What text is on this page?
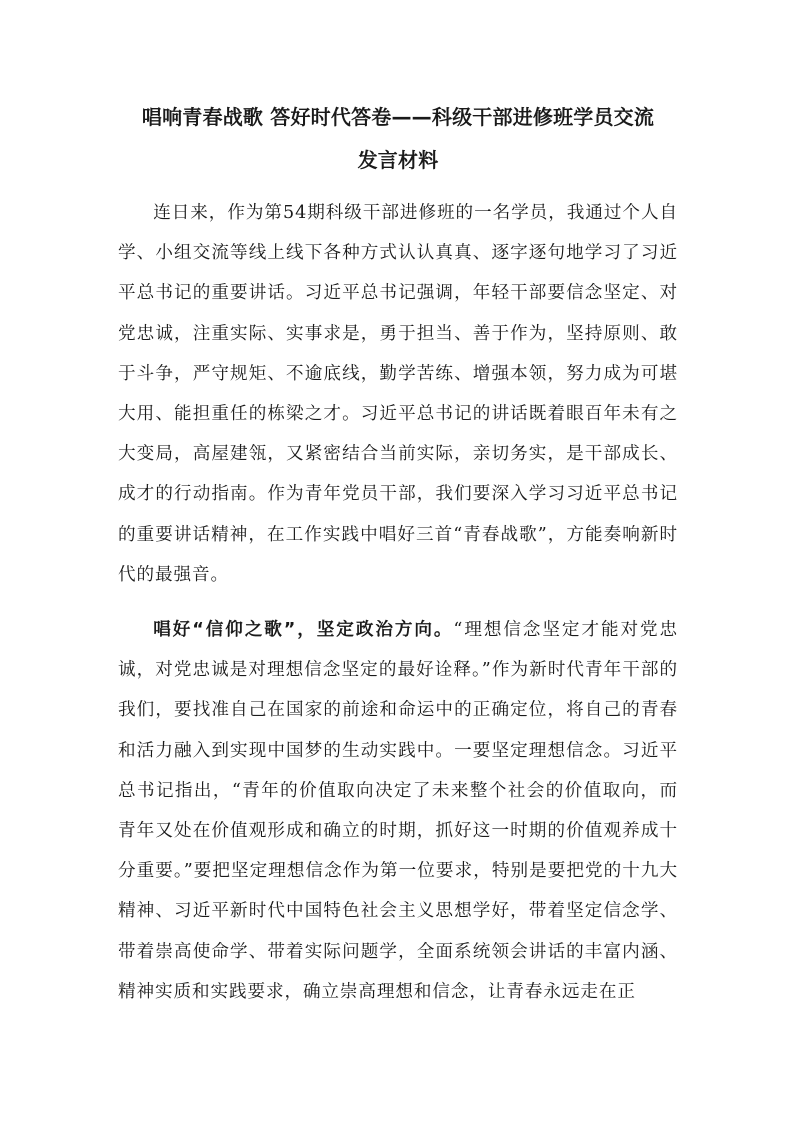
唱响青春战歌 答好时代答卷——科级干部进修班学员交流
发言材料

连日来，作为第54期科级干部进修班的一名学员，我通过个人自学、小组交流等线上线下各种方式认认真真、逐字逐句地学习了习近平总书记的重要讲话。习近平总书记强调，年轻干部要信念坚定、对党忠诚，注重实际、实事求是，勇于担当、善于作为，坚持原则、敢于斗争，严守规矩、不逾底线，勤学苦练、增强本领，努力成为可堪大用、能担重任的栋梁之才。习近平总书记的讲话既着眼百年未有之大变局，高屋建瓴，又紧密结合当前实际，亲切务实，是干部成长、成才的行动指南。作为青年党员干部，我们要深入学习习近平总书记的重要讲话精神，在工作实践中唱好三首“青春战歌”，方能奏响新时代的最强音。

唱好“信仰之歌”，坚定政治方向。“理想信念坚定才能对党忠诚，对党忠诚是对理想信念坚定的最好诠释。”作为新时代青年干部的我们，要找准自己在国家的前途和命运中的正确定位，将自己的青春和活力融入到实现中国梦的生动实践中。一要坚定理想信念。习近平总书记指出，“青年的价值取向决定了未来整个社会的价值取向，而青年又处在价值观形成和确立的时期，抓好这一时期的价值观养成十分重要。”要把坚定理想信念作为第一位要求，特别是要把党的十九大精神、习近平新时代中国特色社会主义思想学好，带着坚定信念学、带着崇高使命学、带着实际问题学，全面系统领会讲话的丰富内涵、精神实质和实践要求，确立崇高理想和信念，让青春永远走在正
